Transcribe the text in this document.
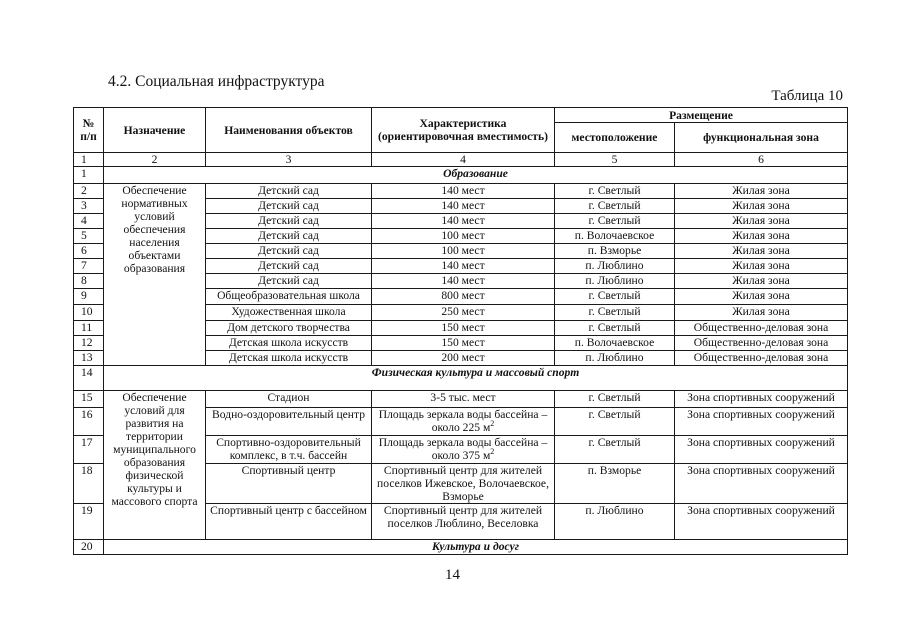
4.2. Социальная инфраструктура
Таблица 10
№ п/п	Назначение	Наименования объектов	Характеристика (ориентировочная вместимость)	Размещение	
				местоположение	функциональная зона
1	2	3	4	5	6
1	Образование				
2	Обеспечение нормативных условий обеспечения населения объектами образования	Детский сад	140 мест	г. Светлый	Жилая зона
3		Детский сад	140 мест	г. Светлый	Жилая зона
4		Детский сад	140 мест	г. Светлый	Жилая зона
5		Детский сад	100 мест	п. Волочаевское	Жилая зона
6		Детский сад	100 мест	п. Взморье	Жилая зона
7		Детский сад	140 мест	п. Люблино	Жилая зона
8		Детский сад	140 мест	п. Люблино	Жилая зона
9		Общеобразовательная школа	800 мест	г. Светлый	Жилая зона
10		Художественная школа	250 мест	г. Светлый	Жилая зона
11		Дом детского творчества	150 мест	г. Светлый	Общественно-деловая зона
12		Детская школа искусств	150 мест	п. Волочаевское	Общественно-деловая зона
13		Детская школа искусств	200 мест	п. Люблино	Общественно-деловая зона
14	Физическая культура и массовый спорт				
15	Обеспечение условий для развития на территории муниципального образования физической культуры и массового спорта	Стадион	3-5 тыс. мест	г. Светлый	Зона спортивных сооружений
16		Водно-оздоровительный центр	Площадь зеркала воды бассейна – около 225 $м^2$	г. Светлый	Зона спортивных сооружений
17		Спортивно-оздоровительный комплекс, в т.ч. бассейн	Площадь зеркала воды бассейна – около 375 $м^2$	г. Светлый	Зона спортивных сооружений
18		Спортивный центр	Спортивный центр для жителей поселков Ижевское, Волочаевское, Взморье	п. Взморье	Зона спортивных сооружений
19		Спортивный центр с бассейном	Спортивный центр для жителей поселков Люблино, Веселовка	п. Люблино	Зона спортивных сооружений
20	Культура и досуг				
14
